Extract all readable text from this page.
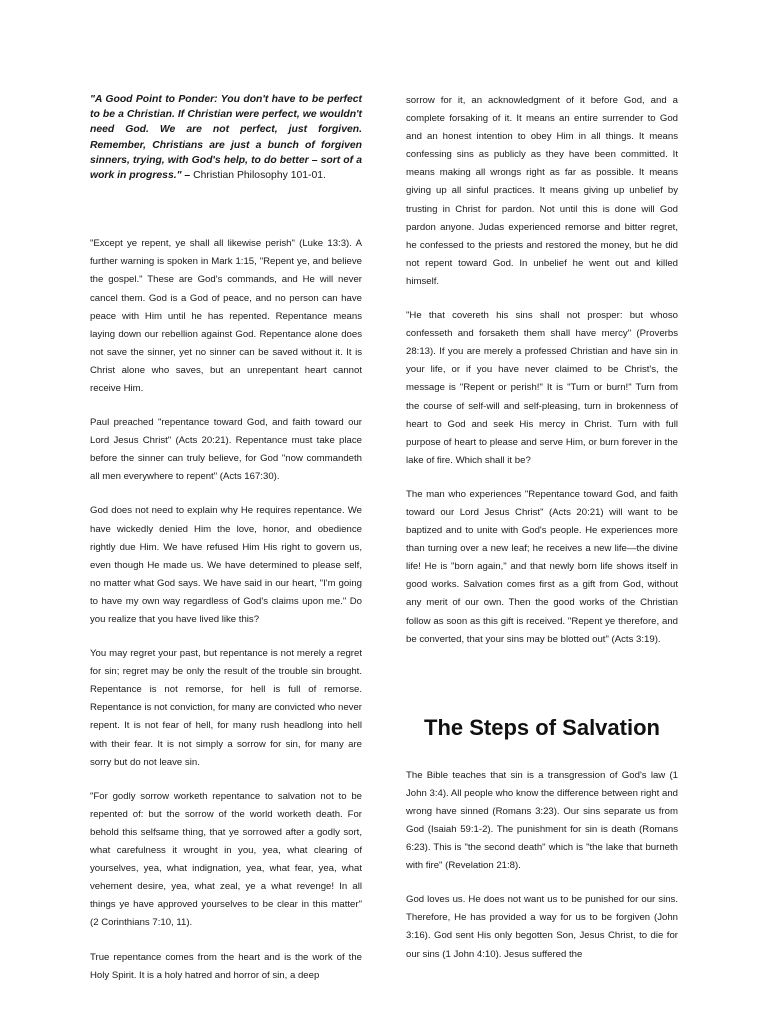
"A Good Point to Ponder: You don't have to be perfect to be a Christian. If Christian were perfect, we wouldn't need God. We are not perfect, just forgiven. Remember, Christians are just a bunch of forgiven sinners, trying, with God's help, to do better – sort of a work in progress." – Christian Philosophy 101-01.

"Except ye repent, ye shall all likewise perish" (Luke 13:3). A further warning is spoken in Mark 1:15, "Repent ye, and believe the gospel." These are God's commands, and He will never cancel them. God is a God of peace, and no person can have peace with Him until he has repented. Repentance means laying down our rebellion against God. Repentance alone does not save the sinner, yet no sinner can be saved without it. It is Christ alone who saves, but an unrepentant heart cannot receive Him.

Paul preached "repentance toward God, and faith toward our Lord Jesus Christ" (Acts 20:21). Repentance must take place before the sinner can truly believe, for God "now commandeth all men everywhere to repent" (Acts 167:30).

God does not need to explain why He requires repentance. We have wickedly denied Him the love, honor, and obedience rightly due Him. We have refused Him His right to govern us, even though He made us. We have determined to please self, no matter what God says. We have said in our heart, "I'm going to have my own way regardless of God's claims upon me." Do you realize that you have lived like this?

You may regret your past, but repentance is not merely a regret for sin; regret may be only the result of the trouble sin brought. Repentance is not remorse, for hell is full of remorse. Repentance is not conviction, for many are convicted who never repent. It is not fear of hell, for many rush headlong into hell with their fear. It is not simply a sorrow for sin, for many are sorry but do not leave sin.

"For godly sorrow worketh repentance to salvation not to be repented of: but the sorrow of the world worketh death. For behold this selfsame thing, that ye sorrowed after a godly sort, what carefulness it wrought in you, yea, what clearing of yourselves, yea, what indignation, yea, what fear, yea, what vehement desire, yea, what zeal, ye a what revenge! In all things ye have approved yourselves to be clear in this matter" (2 Corinthians 7:10, 11).

True repentance comes from the heart and is the work of the Holy Spirit. It is a holy hatred and horror of sin, a deep

sorrow for it, an acknowledgment of it before God, and a complete forsaking of it. It means an entire surrender to God and an honest intention to obey Him in all things. It means confessing sins as publicly as they have been committed. It means making all wrongs right as far as possible. It means giving up all sinful practices. It means giving up unbelief by trusting in Christ for pardon. Not until this is done will God pardon anyone. Judas experienced remorse and bitter regret, he confessed to the priests and restored the money, but he did not repent toward God. In unbelief he went out and killed himself.

"He that covereth his sins shall not prosper: but whoso confesseth and forsaketh them shall have mercy" (Proverbs 28:13). If you are merely a professed Christian and have sin in your life, or if you have never claimed to be Christ's, the message is "Repent or perish!" It is "Turn or burn!" Turn from the course of self-will and self-pleasing, turn in brokenness of heart to God and seek His mercy in Christ. Turn with full purpose of heart to please and serve Him, or burn forever in the lake of fire. Which shall it be?

The man who experiences "Repentance toward God, and faith toward our Lord Jesus Christ" (Acts 20:21) will want to be baptized and to unite with God's people. He experiences more than turning over a new leaf; he receives a new life—the divine life! He is "born again," and that newly born life shows itself in good works. Salvation comes first as a gift from God, without any merit of our own. Then the good works of the Christian follow as soon as this gift is received. "Repent ye therefore, and be converted, that your sins may be blotted out" (Acts 3:19).

The Steps of Salvation

The Bible teaches that sin is a transgression of God's law (1 John 3:4). All people who know the difference between right and wrong have sinned (Romans 3:23). Our sins separate us from God (Isaiah 59:1-2). The punishment for sin is death (Romans 6:23). This is "the second death" which is "the lake that burneth with fire" (Revelation 21:8).

God loves us. He does not want us to be punished for our sins. Therefore, He has provided a way for us to be forgiven (John 3:16). God sent His only begotten Son, Jesus Christ, to die for our sins (1 John 4:10). Jesus suffered the
